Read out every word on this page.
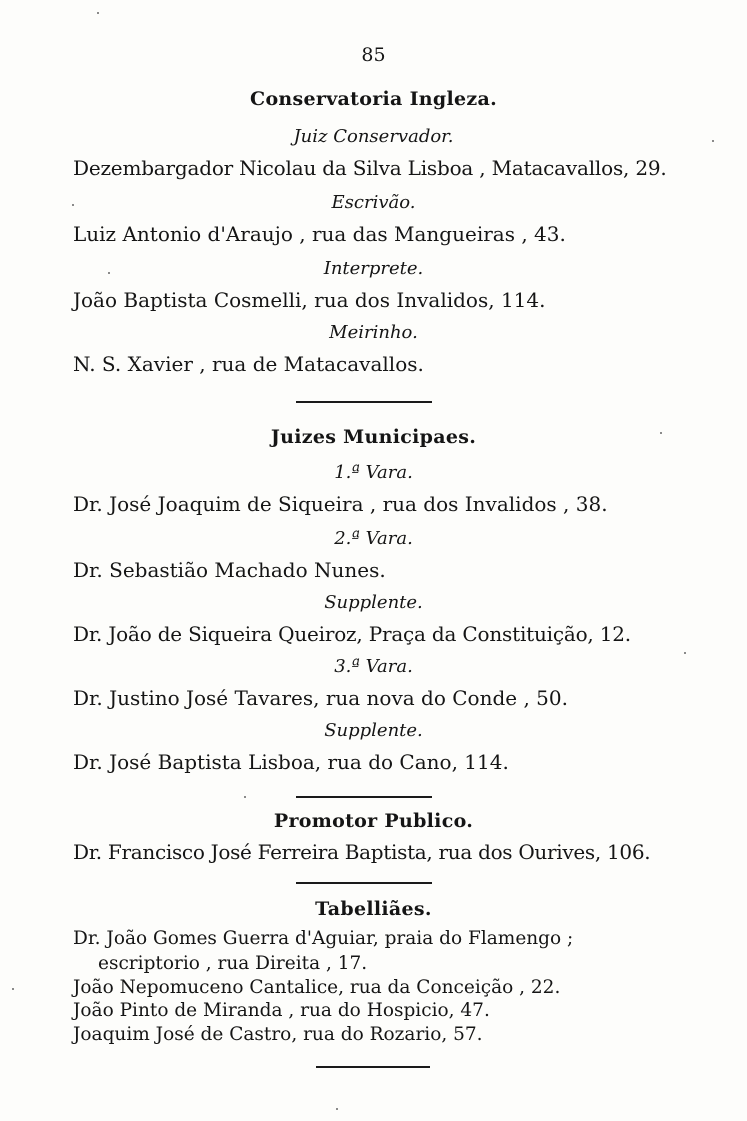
85
Conservatoria Ingleza.
Juiz Conservador.
Dezembargador Nicolau da Silva Lisboa , Matacavallos, 29.
Escrivão.
Luiz Antonio d'Araujo , rua das Mangueiras , 43.
Interprete.
João Baptista Cosmelli, rua dos Invalidos, 114.
Meirinho.
N. S. Xavier , rua de Matacavallos.
Juizes Municipaes.
1.ª Vara.
Dr. José Joaquim de Siqueira , rua dos Invalidos , 38.
2.ª Vara.
Dr. Sebastião Machado Nunes.
Supplente.
Dr. João de Siqueira Queiroz, Praça da Constituição, 12.
3.ª Vara.
Dr. Justino José Tavares, rua nova do Conde , 50.
Supplente.
Dr. José Baptista Lisboa, rua do Cano, 114.
Promotor Publico.
Dr. Francisco José Ferreira Baptista, rua dos Ourives, 106.
Tabelliães.
Dr. João Gomes Guerra d'Aguiar, praia do Flamengo ;
escriptorio , rua Direita , 17.
João Nepomuceno Cantalice, rua da Conceição , 22.
João Pinto de Miranda , rua do Hospicio, 47.
Joaquim José de Castro, rua do Rozario, 57.
